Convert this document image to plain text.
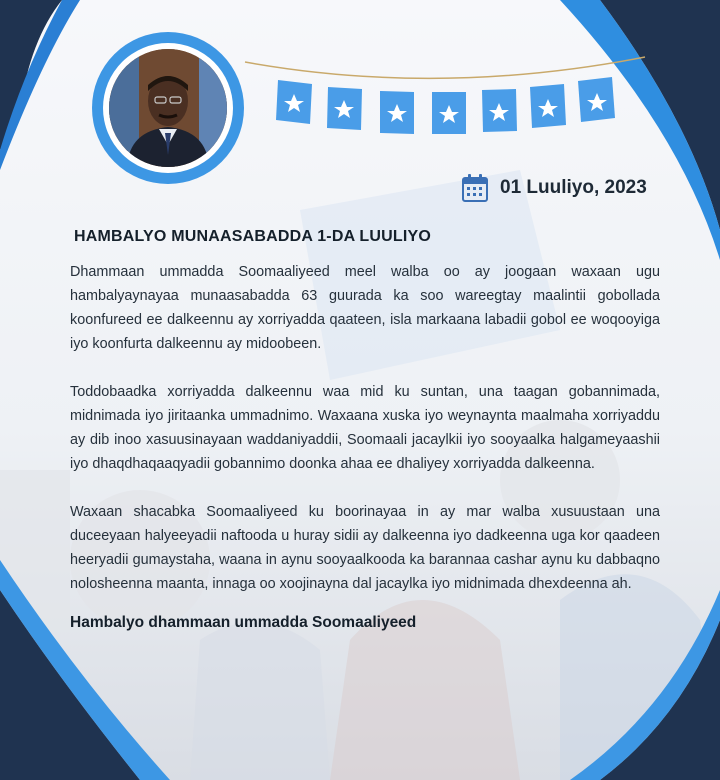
01 Luuliyo, 2023
HAMBALYO MUNAASABADDA 1-DA LUULIYO

Dhammaan ummadda Soomaaliyeed meel walba oo ay joogaan waxaan ugu hambalyaynayaa munaasabadda 63 guurada ka soo wareegtay maalintii gobollada koonfureed ee dalkeennu ay xorriyadda qaateen, isla markaana labadii gobol ee woqooyiga iyo koonfurta dalkeennu ay midoobeen.

Toddobaadka xorriyadda dalkeennu waa mid ku suntan, una taagan gobannimada, midnimada iyo jiritaanka ummadnimo. Waxaana xuska iyo weynaynta maalmaha xorriyaddu ay dib inoo xasuusinayaan waddaniyaddii, Soomaali jacaylkii iyo sooyaalka halgameyaashii iyo dhaqdhaqaaqyadii gobannimo doonka ahaa ee dhaliyey xorriyadda dalkeenna.

Waxaan shacabka Soomaaliyeed ku boorinayaa in ay mar walba xusuustaan una duceeyaan halyeeyadii naftooda u huray sidii ay dalkeenna iyo dadkeenna uga kor qaadeen heeryadii gumaystaha, waana in aynu sooyaalkooda ka barannaa cashar aynu ku dabbaqno nolosheenna maanta, innaga oo xoojinayna dal jacaylka iyo midnimada dhexdeenna ah.

Hambalyo dhammaan ummadda Soomaaliyeed
